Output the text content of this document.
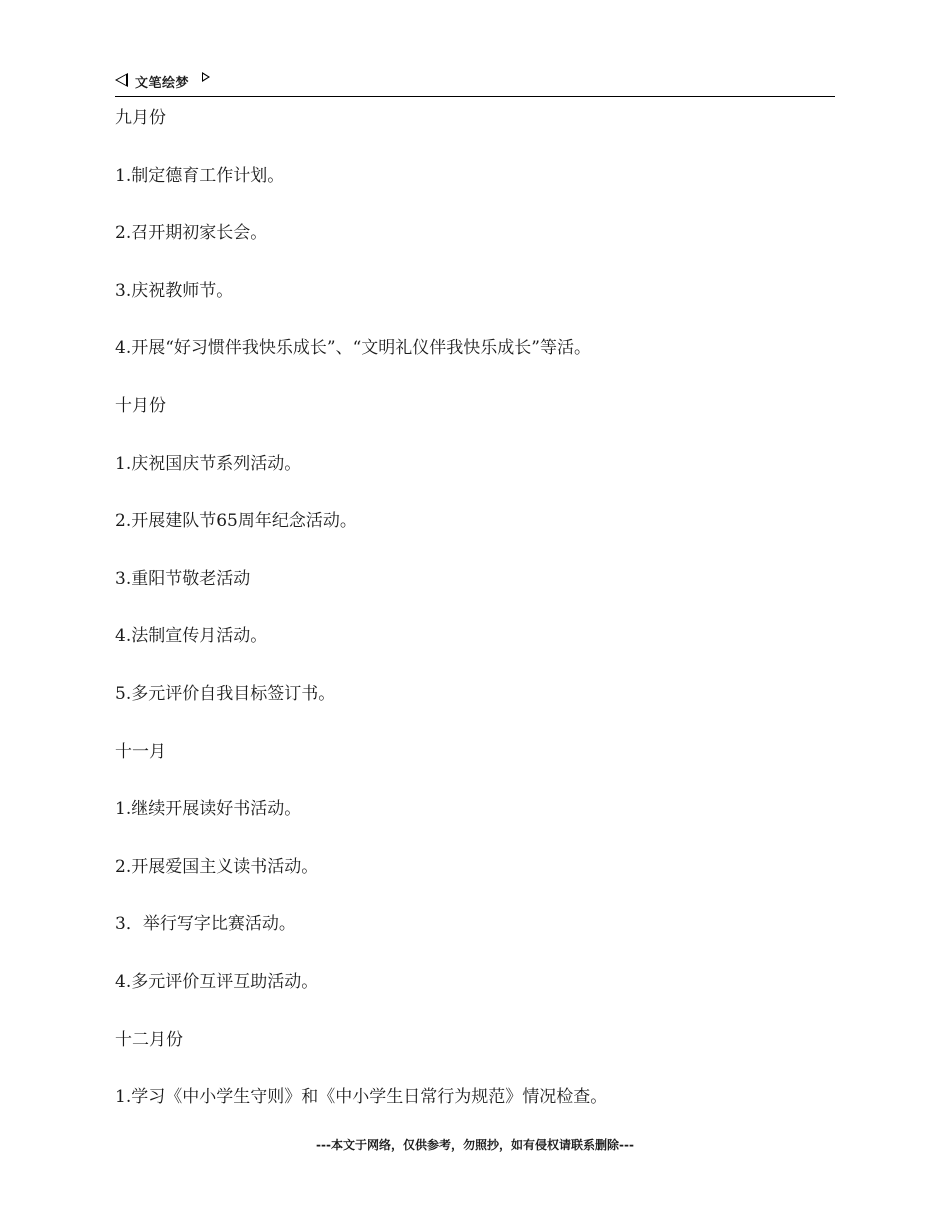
文笔绘梦
九月份
1.制定德育工作计划。
2.召开期初家长会。
3.庆祝教师节。
4.开展“好习惯伴我快乐成长”、“文明礼仪伴我快乐成长”等活。
十月份
1.庆祝国庆节系列活动。
2.开展建队节65周年纪念活动。
3.重阳节敬老活动
4.法制宣传月活动。
5.多元评价自我目标签订书。
十一月
1.继续开展读好书活动。
2.开展爱国主义读书活动。
3．举行写字比赛活动。
4.多元评价互评互助活动。
十二月份
1.学习《中小学生守则》和《中小学生日常行为规范》情况检查。
---本文于网络，仅供参考，勿照抄，如有侵权请联系删除---
